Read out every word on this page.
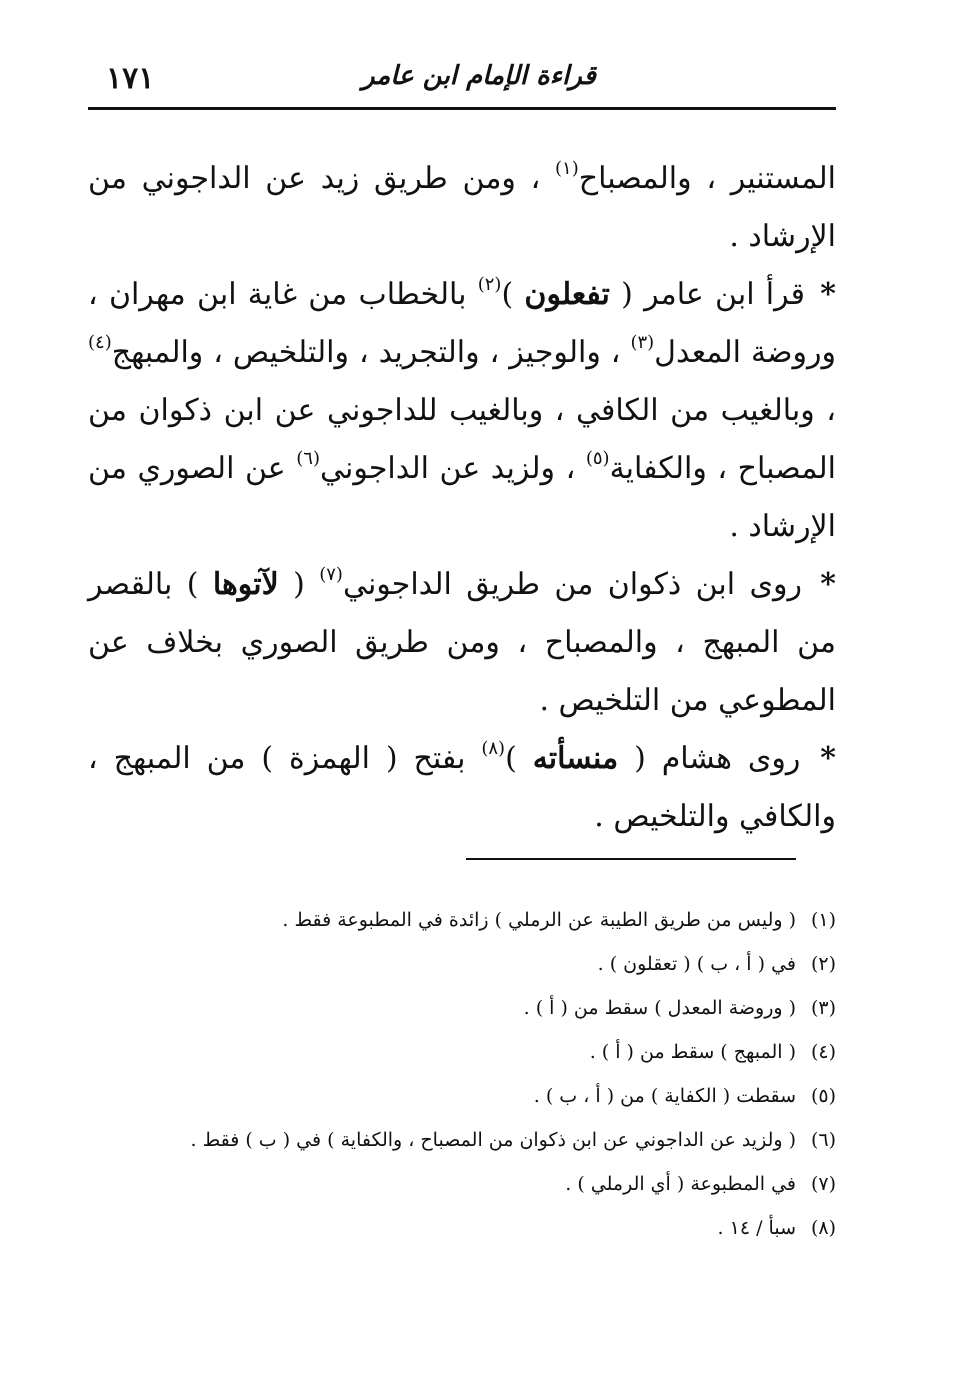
قراءة الإمام ابن عامر
١٧١

المستنير ، والمصباح$^{(١)}$ ، ومن طريق زيد عن الداجوني من الإرشاد .

* قرأ ابن عامر ( تفعلون )$^{(٢)}$ بالخطاب من غاية ابن مهران ، وروضة المعدل$^{(٣)}$ ، والوجيز ، والتجريد ، والتلخيص ، والمبهج$^{(٤)}$ ، وبالغيب من الكافي ، وبالغيب للداجوني عن ابن ذكوان من المصباح ، والكفاية$^{(٥)}$ ، ولزيد عن الداجوني$^{(٦)}$ عن الصوري من الإرشاد .

* روى ابن ذكوان من طريق الداجوني$^{(٧)}$ ( لآتوها ) بالقصر من المبهج ، والمصباح ، ومن طريق الصوري بخلاف عن المطوعي من التلخيص .

* روى هشام ( منسأته )$^{(٨)}$ بفتح ( الهمزة ) من المبهج ، والكافي والتلخيص .

(١)
( وليس من طريق الطيبة عن الرملي ) زائدة في المطبوعة فقط .
(٢)
في ( أ ، ب ) ( تعقلون ) .
(٣)
( وروضة المعدل ) سقط من ( أ ) .
(٤)
( المبهج ) سقط من ( أ ) .
(٥)
سقطت ( الكفاية ) من ( أ ، ب ) .
(٦)
( ولزيد عن الداجوني عن ابن ذكوان من المصباح ، والكفاية ) في ( ب ) فقط .
(٧)
في المطبوعة ( أي الرملي ) .
(٨)
سبأ / ١٤ .
